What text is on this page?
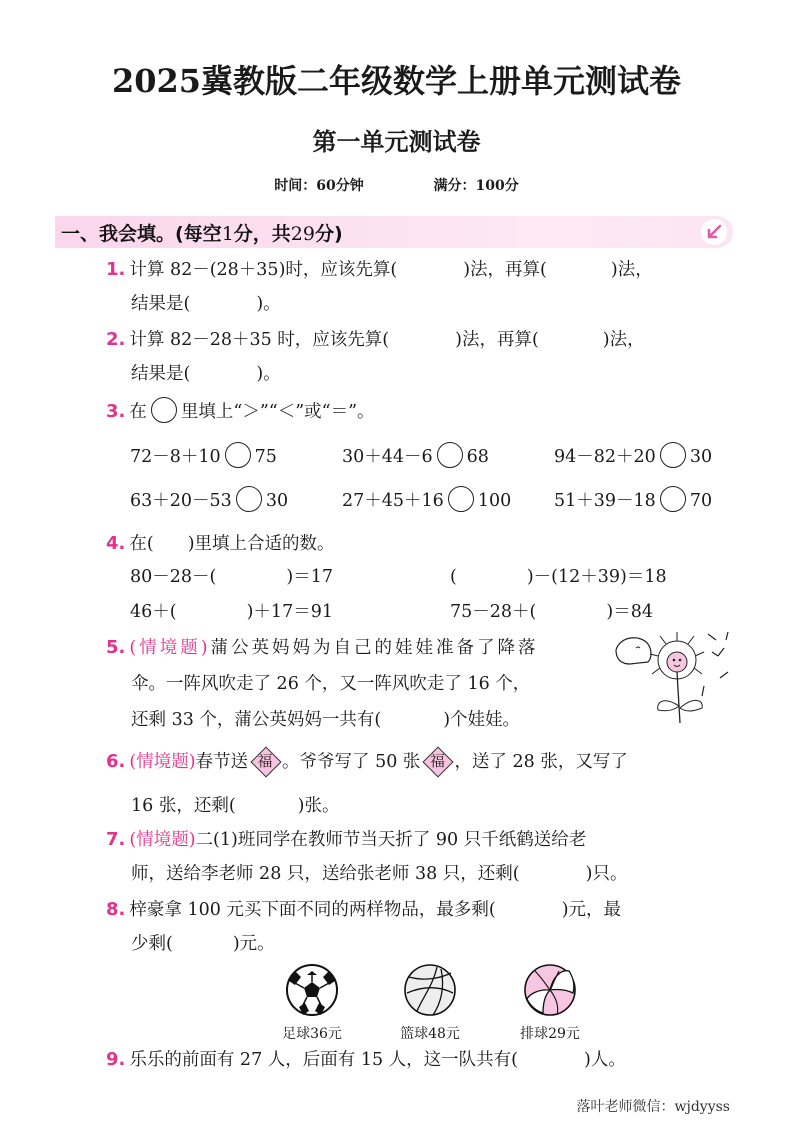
2025冀教版二年级数学上册单元测试卷
第一单元测试卷
时间：60分钟	满分：100分
一、我会填。(每空1分，共29分)
1. 计算 82－(28＋35)时，应该先算(	)法，再算(	)法，
结果是(	)。
2. 计算 82－28＋35 时，应该先算(	)法，再算(	)法，
结果是(	)。
3. 在 里填上“＞”“＜”或“＝”。
72－8＋10 75	30＋44－6 68	94－82＋20 30
63＋20－53 30	27＋45＋16 100 51＋39－18 70
4. 在( )里填上合适的数。
80－28－(	)＝17	(	)－(12＋39)＝18
46＋(	)＋17＝91	75－28＋(	)＝84
5. (情境题)蒲公英妈妈为自己的娃娃准备了降落
伞。一阵风吹走了 26 个，又一阵风吹走了 16 个，
还剩 33 个，蒲公英妈妈一共有(	)个娃娃。
6. (情境题)春节送 福 。爷爷写了 50 张 福 ，送了 28 张，又写了
16 张，还剩(	)张。
7. (情境题)二(1)班同学在教师节当天折了 90 只千纸鹤送给老
师，送给李老师 28 只，送给张老师 38 只，还剩(	)只。
8. 梓豪拿 100 元买下面不同的两样物品，最多剩(	)元，最
少剩(	)元。
足球36元	篮球48元	排球29元
9. 乐乐的前面有 27 人，后面有 15 人，这一队共有(	)人。
落叶老师微信：wjdyyss
